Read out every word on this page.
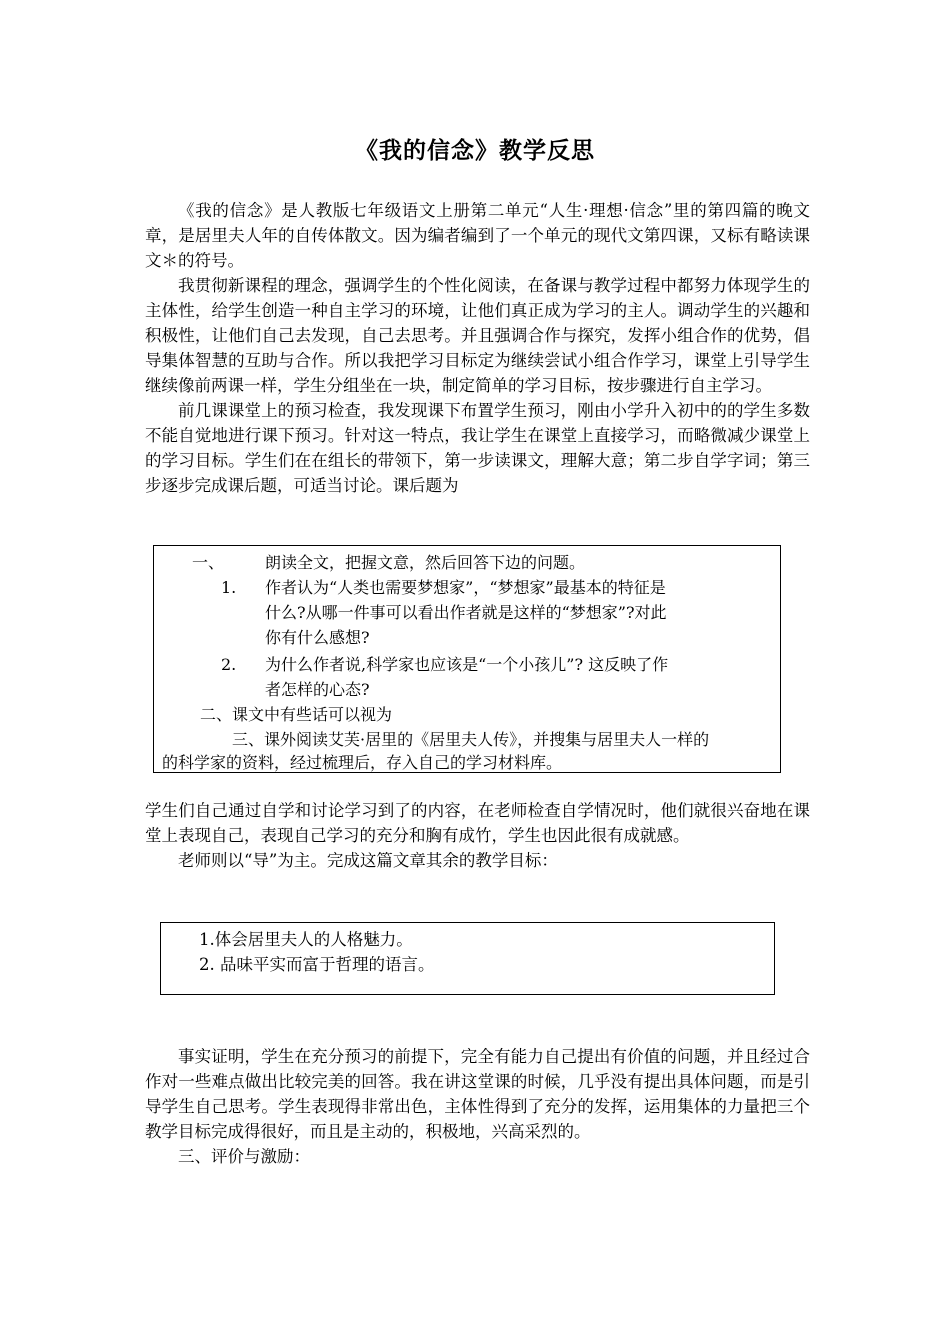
《我的信念》教学反思

《我的信念》是人教版七年级语文上册第二单元“人生·理想·信念”里的第四篇的晚文章，是居里夫人年的自传体散文。因为编者编到了一个单元的现代文第四课，又标有略读课文＊的符号。

我贯彻新课程的理念，强调学生的个性化阅读，在备课与教学过程中都努力体现学生的主体性，给学生创造一种自主学习的环境，让他们真正成为学习的主人。调动学生的兴趣和积极性，让他们自己去发现，自己去思考。并且强调合作与探究，发挥小组合作的优势，倡导集体智慧的互助与合作。所以我把学习目标定为继续尝试小组合作学习，课堂上引导学生继续像前两课一样，学生分组坐在一块，制定简单的学习目标，按步骤进行自主学习。

前几课课堂上的预习检查，我发现课下布置学生预习，刚由小学升入初中的的学生多数不能自觉地进行课下预习。针对这一特点，我让学生在课堂上直接学习，而略微减少课堂上的学习目标。学生们在在组长的带领下，第一步读课文，理解大意；第二步自学字词；第三步逐步完成课后题，可适当讨论。课后题为

一、	朗读全文，把握文意，然后回答下边的问题。
1. 作者认为“人类也需要梦想家”，“梦想家”最基本的特征是
什么?从哪一件事可以看出作者就是这样的“梦想家”?对此
你有什么感想?
2. 为什么作者说,科学家也应该是“一个小孩儿”? 这反映了作
者怎样的心态?
二、课文中有些话可以视为
三、课外阅读艾芙·居里的《居里夫人传》，并搜集与居里夫人一样的
的科学家的资料，经过梳理后，存入自己的学习材料库。

学生们自己通过自学和讨论学习到了的内容，在老师检查自学情况时，他们就很兴奋地在课堂上表现自己，表现自己学习的充分和胸有成竹，学生也因此很有成就感。

老师则以“导”为主。完成这篇文章其余的教学目标：

1.体会居里夫人的人格魅力。
2. 品味平实而富于哲理的语言。

事实证明，学生在充分预习的前提下，完全有能力自己提出有价值的问题，并且经过合作对一些难点做出比较完美的回答。我在讲这堂课的时候，几乎没有提出具体问题，而是引导学生自己思考。学生表现得非常出色，主体性得到了充分的发挥，运用集体的力量把三个教学目标完成得很好，而且是主动的，积极地，兴高采烈的。

三、评价与激励：
